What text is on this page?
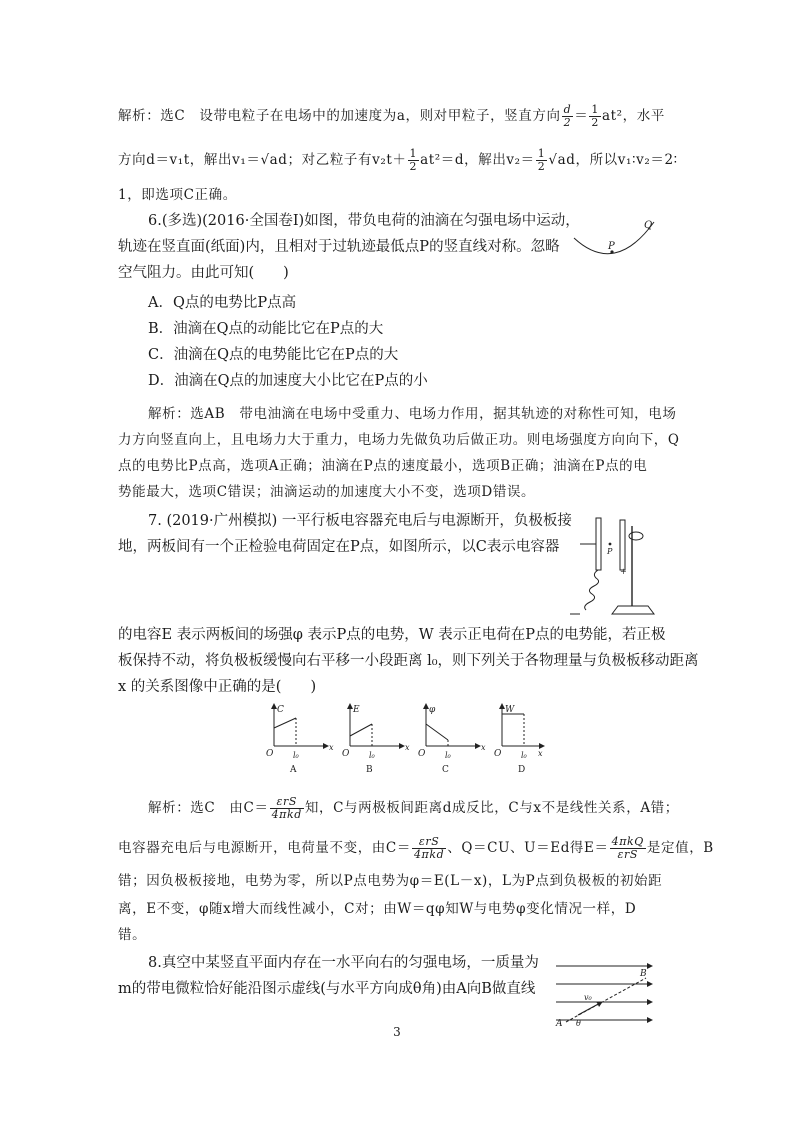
解析：选C　设带电粒子在电场中的加速度为a，则对甲粒子，竖直方向 $\frac{d}{2} = \frac{1}{2} at^2$，水平
方向d＝v₁t，解出v₁＝√ad；对乙粒子有$v_2t+ \frac{1}{2} at^2=d$，解出$v_2= \frac{1}{2} √ad$，所以v₁∶v₂＝2∶
1，即选项C正确。
6.(多选)(2016·全国卷Ⅰ)如图，带负电荷的油滴在匀强电场中运动，
轨迹在竖直面(纸面)内，且相对于过轨迹最低点P的竖直线对称。忽略
空气阻力。由此可知(　　)
A．Q点的电势比P点高
B．油滴在Q点的动能比它在P点的大
C．油滴在Q点的电势能比它在P点的大
D．油滴在Q点的加速度大小比它在P点的小
P
Q
解析：选AB　带电油滴在电场中受重力、电场力作用，据其轨迹的对称性可知，电场
力方向竖直向上，且电场力大于重力，电场力先做负功后做正功。则电场强度方向向下，Q
点的电势比P点高，选项A正确；油滴在P点的速度最小，选项B正确；油滴在P点的电
势能最大，选项C错误；油滴运动的加速度大小不变，选项D错误。
7. (2019·广州模拟) 一平行板电容器充电后与电源断开，负极板接
地，两板间有一个正检验电荷固定在P点，如图所示，以C表示电容器	P
+
的电容E 表示两板间的场强φ 表示P点的电势，W 表示正电荷在P点的电势能，若正极
板保持不动，将负极板缓慢向右平移一小段距离 l₀，则下列关于各物理量与负极板移动距离
x 的关系图像中正确的是(　　)
C
O l₀
x
A
E
O l₀
x
B
φ
O l₀
x
C
W
O l₀ x
D
解析：选C　由$C= \frac{\text{εrS}}{\text{4πkd}}$ 知，C与两极板间距离d成反比，C与x不是线性关系，A错；
电容器充电后与电源断开，电荷量不变，由$C= \frac{\text{εrS}}{\text{4πkd}}$ 、Q＝CU、U＝Ed得$E= \frac{\text{4πkQ}}{\text{εrS}}$ 是定值，B
错；因负极板接地，电势为零，所以P点电势为φ＝E(L－x)，L为P点到负极板的初始距
离，E不变，φ随x增大而线性减小，C对；由W＝qφ知W与电势φ变化情况一样，D
错。
8.真空中某竖直平面内存在一水平向右的匀强电场，一质量为
m的带电微粒恰好能沿图示虚线(与水平方向成θ角)由A向B做直线
A
B
v₀
θ
3
